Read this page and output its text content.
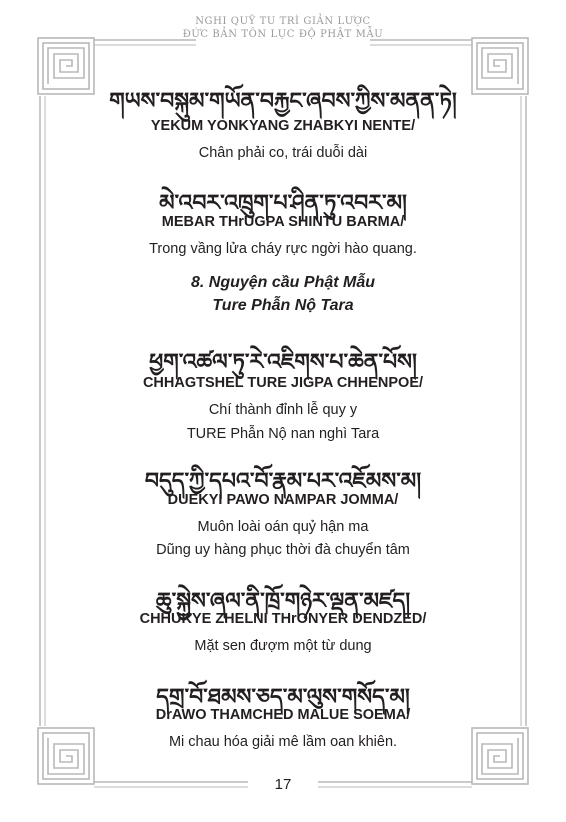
NGHI QUỸ TU TRÌ GIẢN LƯỢC
ĐỨC BẢN TÔN LỤC ĐỘ PHẬT MẪU
གཡས་བསྐུམ་གཡོན་བརྐྱང་ཞབས་ཀྱིས་མནན་ཏེ།
YEKUM YONKYANG ZHABKYI NENTE/
Chân phải co, trái duỗi dài
མེ་འབར་འཁྲུག་པ་ཤིན་ཏུ་འབར་མ།
MEBAR THrUGPA SHINTU BARMA/
Trong vầng lửa cháy rực ngời hào quang.
8. Nguyện cầu Phật Mẫu
Ture Phẫn Nộ Tara
ཕྱག་འཚལ་ཏུ་རེ་འཇིགས་པ་ཆེན་པོས།
CHHAGTSHEL TURE JIGPA CHHENPOE/
Chí thành đỉnh lễ quy y
TURE Phẫn Nộ nan nghì Tara
བདུད་ཀྱི་དཔའ་བོ་རྣམ་པར་འཇོམས་མ།
DUEKYI PAWO NAMPAR JOMMA/
Muôn loài oán quỷ hận ma
Dũng uy hàng phục thời đà chuyển tâm
ཆུ་སྐྱེས་ཞལ་ནི་ཁྲོ་གཉེར་ལྡན་མཛད།
CHHUKYE ZHELNI THrONYER DENDZED/
Mặt sen đượm một từ dung
དགྲ་བོ་ཐམས་ཅད་མ་ལུས་གསོད་མ།
DrAWO THAMCHED MALUE SOEMA/
Mi chau hóa giải mê lầm oan khiên.
17
